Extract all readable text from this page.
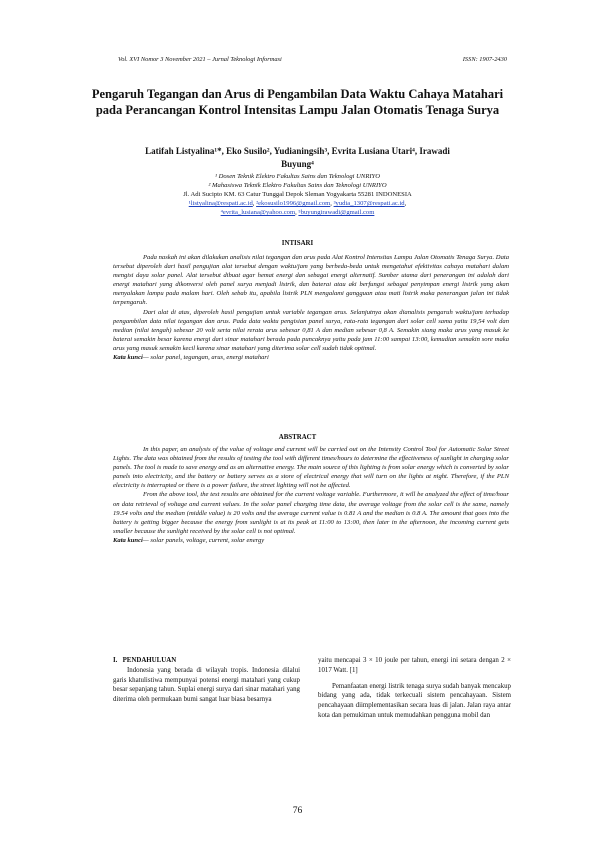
Vol. XVI Nomor 3 November 2021 – Jurnal Teknologi Informasi	ISSN: 1907-2430
Pengaruh Tegangan dan Arus di Pengambilan Data Waktu Cahaya Matahari pada Perancangan Kontrol Intensitas Lampu Jalan Otomatis Tenaga Surya
Latifah Listyalina¹*, Eko Susilo², Yudianingsih³, Evrita Lusiana Utari⁴, Irawadi
Buyung⁴
¹ Dosen Teknik Elektro Fakultas Sains dan Teknologi UNRIYO
² Mahasiswa Teknik Elektro Fakultas Sains dan Teknologi UNRIYO
Jl. Adi Sucipto KM. 63 Catur Tunggal Depok Sleman Yogyakarta 55281 INDONESIA
¹listyalina@respati.ac.id, ²ekosusilo1996@gmail.com, ³yudia_1307@respati.ac.id,
⁴evrita_lusiana@yahoo.com, ⁵buyungirawadi@gmail.com
INTISARI

Pada naskah ini akan dilakukan analisis nilai tegangan dan arus pada Alat Kontrol Intensitas Lampu Jalan Otomatis Tenaga Surya. Data tersebut diperoleh dari hasil pengujian alat tersebut dengan waktu/jam yang berbeda-beda untuk mengetahui efektivitas cahaya matahari dalam mengisi daya solar panel. Alat tersebut dibuat agar hemat energi dan sebagai energi alternatif. Sumber utama dari penerangan ini adalah dari energi matahari yang dikonversi oleh panel surya menjadi listrik, dan baterai atau aki berfungsi sebagai penyimpan energi listrik yang akan menyalakan lampu pada malam hari. Oleh sebab itu, apabila listrik PLN mengalami gangguan atau mati listrik maka penerangan jalan ini tidak terpengaruh.

Dari alat di atas, diperoleh hasil pengujian untuk variable tegangan arus. Selanjutnya akan dianalisis pengaruh waktu/jam terhadap pengambilan data nilai tegangan dan arus. Pada data waktu pengisian panel surya, rata-rata tegangan dari solar cell sama yaitu 19,54 volt dan median (nilai tengah) sebesar 20 volt serta nilai rerata arus sebesar 0,81 A dan median sebesar 0,8 A. Semakin siang maka arus yang masuk ke baterai semakin besar karena energi dari sinar matahari berada pada puncaknya yaitu pada jam 11:00 sampai 13:00, kemudian semakin sore maka arus yang masuk semakin kecil karena sinar matahari yang diterima solar cell sudah tidak optimal.

Kata kunci— solar panel, tegangan, arus, energi matahari

ABSTRACT

In this paper, an analysis of the value of voltage and current will be carried out on the Intensity Control Tool for Automatic Solar Street Lights. The data was obtained from the results of testing the tool with different times/hours to determine the effectiveness of sunlight in charging solar panels. The tool is made to save energy and as an alternative energy. The main source of this lighting is from solar energy which is converted by solar panels into electricity, and the battery or battery serves as a store of electrical energy that will turn on the lights at night. Therefore, if the PLN electricity is interrupted or there is a power failure, the street lighting will not be affected.

From the above tool, the test results are obtained for the current voltage variable. Furthermore, it will be analyzed the effect of time/hour on data retrieval of voltage and current values. In the solar panel charging time data, the average voltage from the solar cell is the same, namely 19.54 volts and the median (middle value) is 20 volts and the average current value is 0.81 A and the median is 0.8 A. The amount that goes into the battery is getting bigger because the energy from sunlight is at its peak at 11:00 to 13:00, then later in the afternoon, the incoming current gets smaller because the sunlight received by the solar cell is not optimal.

Kata kunci— solar panels, voltage, current, solar energy

I. PENDAHULUAN

Indonesia yang berada di wilayah tropis. Indonesia dilalui garis khatulistiwa mempunyai potensi energi matahari yang cukup besar sepanjang tahun. Suplai energi surya dari sinar matahari yang diterima oleh permukaan bumi sangat luar biasa besarnya

yaitu mencapai 3 × 10 joule per tahun, energi ini setara dengan 2 × 1017 Watt. [1]

Pemanfaatan energi listrik tenaga surya sudah banyak mencakup bidang yang ada, tidak terkecuali sistem pencahayaan. Sistem pencahayaan diimplementasikan secara luas di jalan. Jalan raya antar kota dan pemukiman untuk memudahkan pengguna mobil dan

76
